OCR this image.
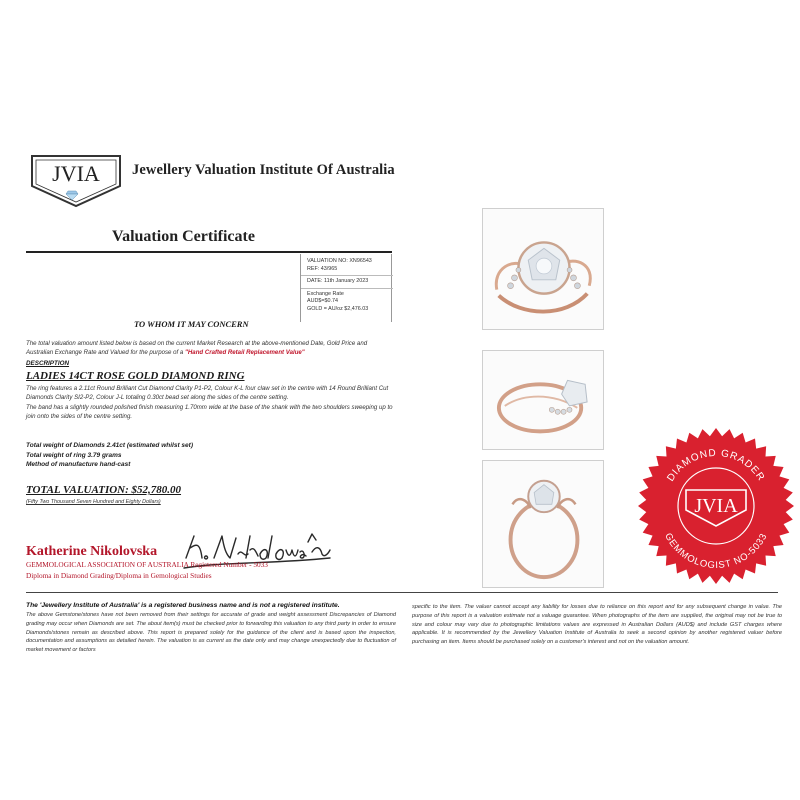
JVIA Jewellery Valuation Institute Of Australia
Valuation Certificate
VALUATION NO: XN96543
REF: 43/965
DATE: 11th January 2023
Exchange Rate
AUD$=$0.74
GOLD = AU/oz $2,476.03
TO WHOM IT MAY CONCERN
The total valuation amount listed below is based on the current Market Research at the above-mentioned Date, Gold Price and Australian Exchange Rate and Valued for the purpose of a "Hand Crafted Retail Replacement Value"
DESCRIPTION
LADIES 14CT ROSE GOLD DIAMOND RING
The ring features a 2.11ct Round Brilliant Cut Diamond Clarity P1-P2, Colour K-L four claw set in the centre with 14 Round Brilliant Cut Diamonds Clarity SI2-P2, Colour J-L totaling 0.30ct bead set along the sides of the centre setting.
The band has a slightly rounded polished finish measuring 1.70mm wide at the base of the shank with the two shoulders sweeping up to join onto the sides of the centre setting.
Total weight of Diamonds 2.41ct (estimated whilst set)
Total weight of ring 3.79 grams
Method of manufacture hand-cast
TOTAL VALUATION: $52,780.00
(Fifty Two Thousand Seven Hundred and Eighty Dollars)
Katherine Nikolovska
GEMMOLOGICAL ASSOCIATION OF AUSTRALIA Registered Number - 5033
Diploma in Diamond Grading/Diploma in Gemological Studies
The 'Jewellery Institute of Australia' is a registered business name and is not a registered institute.
The above Gemstone/stones have not been removed from their settings for accurate of grade and weight assessment Discrepancies of Diamond grading may occur when Diamonds are set. The about item(s) must be checked prior to forwarding this valuation to any third party in order to ensure Diamonds/stones remain as described above. This report is prepared solely for the guidance of the client and is based upon the inspection, documentation and assumptions as detailed herein. The valuation is as current as the date only and may change unexpectedly due to fluctuation of market movement or factors
specific to the item. The valuer cannot accept any liability for losses due to reliance on this report and for any subsequent change in value. The purpose of this report is a valuation estimate not a valuage guarantee. When photographs of the item are supplied, the original may not be true to size and colour may vary due to photographic limitations values are expressed in Australian Dollars (AUD$) and include GST charges where applicable. It is recommended by the Jewellery Valuation Institute of Australia to seek a second opinion by another registered valuer before purchasing an item. Items should be purchased solely on a customer's interest and not on the valuation amount.
DIAMOND GRADER
GEMMOLOGIST NO-5033
JVIA
